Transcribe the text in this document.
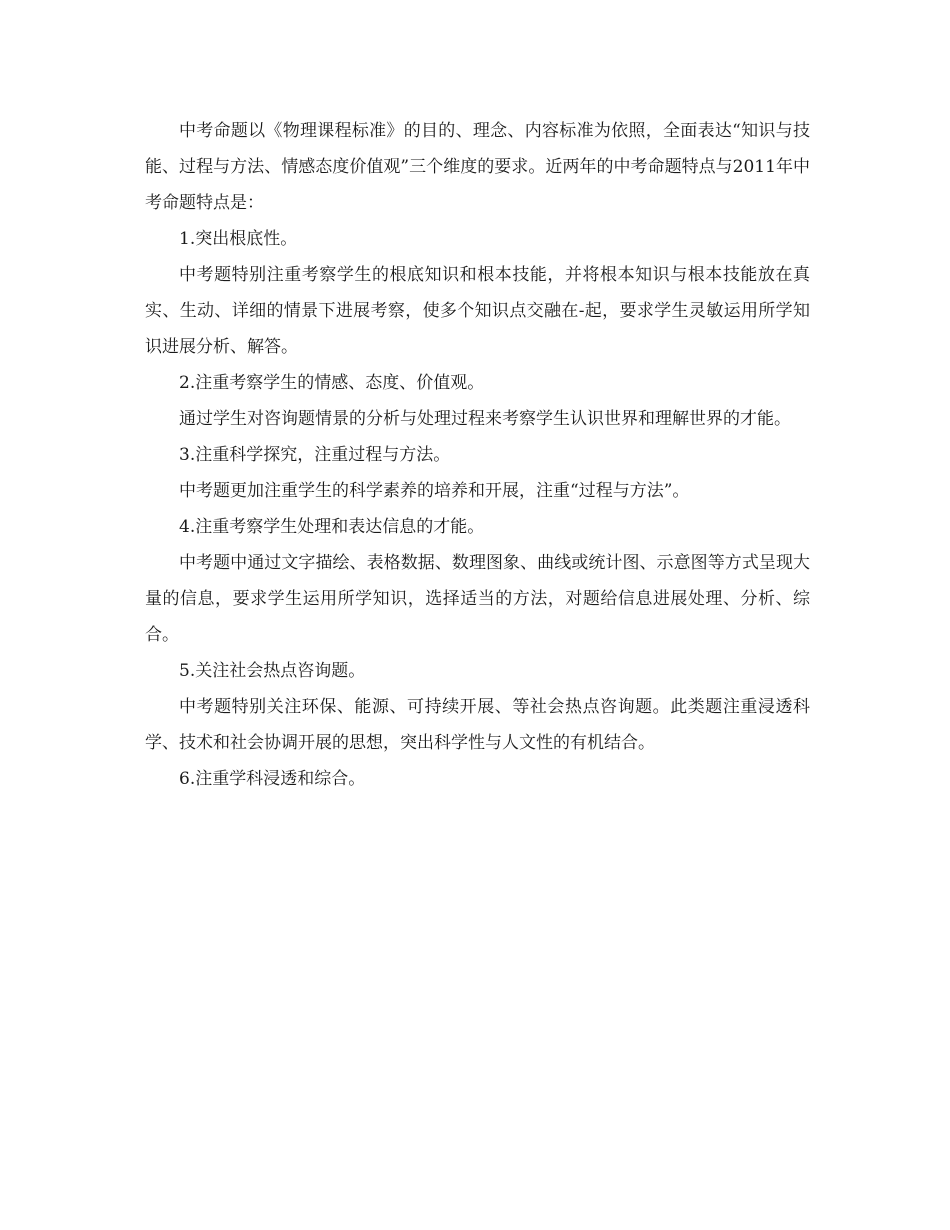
中考命题以《物理课程标准》的目的、理念、内容标准为依照，全面表达“知识与技能、过程与方法、情感态度价值观”三个维度的要求。近两年的中考命题特点与2011年中考命题特点是：

1.突出根底性。

中考题特别注重考察学生的根底知识和根本技能，并将根本知识与根本技能放在真实、生动、详细的情景下进展考察，使多个知识点交融在-起，要求学生灵敏运用所学知识进展分析、解答。

2.注重考察学生的情感、态度、价值观。

通过学生对咨询题情景的分析与处理过程来考察学生认识世界和理解世界的才能。

3.注重科学探究，注重过程与方法。

中考题更加注重学生的科学素养的培养和开展，注重“过程与方法”。

4.注重考察学生处理和表达信息的才能。

中考题中通过文字描绘、表格数据、数理图象、曲线或统计图、示意图等方式呈现大量的信息，要求学生运用所学知识，选择适当的方法，对题给信息进展处理、分析、综合。

5.关注社会热点咨询题。

中考题特别关注环保、能源、可持续开展、等社会热点咨询题。此类题注重浸透科学、技术和社会协调开展的思想，突出科学性与人文性的有机结合。

6.注重学科浸透和综合。
